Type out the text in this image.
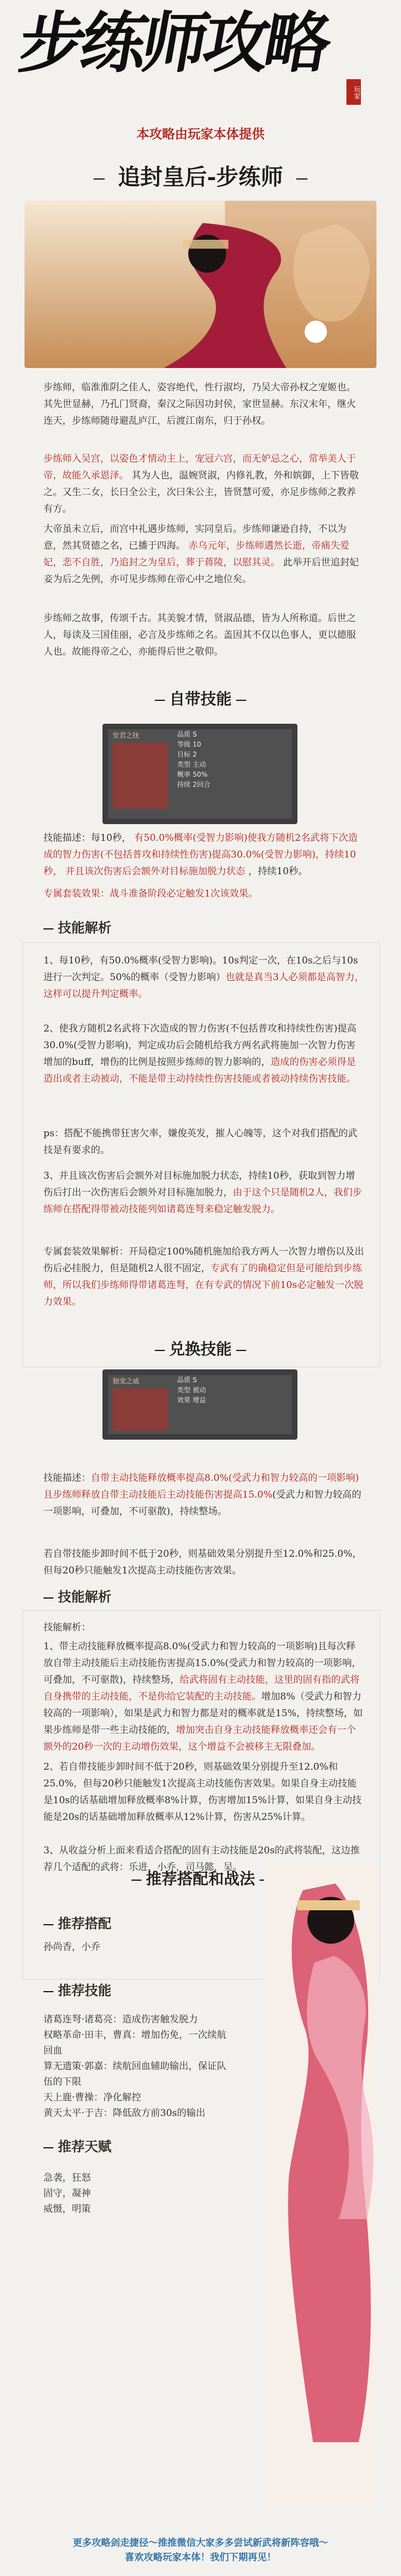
步练师攻略
玩家
本攻略由玩家本体提供
追封皇后-步练师
步练师，临淮淮阴之佳人，姿容绝代，性行淑均，乃吴大帝孙权之宠姬也。其先世显赫，乃孔门贤裔，秦汉之际因功封侯，家世显赫。东汉末年，继火连天，步练师随母避乱庐江，后渡江南东，归于孙权。
步练师入吴宫，以姿色才情动主上，宠冠六宫，而无妒忌之心，常举美人于帝，故能久承恩泽。 其为人也，温婉贤淑，内修礼教，外和嫔御，上下皆敬之。又生二女，长曰全公主，次曰朱公主，皆贤慧可爱，亦足步练师之教养有方。
大帝虽未立后，而宫中礼遇步练师，实同皇后。步练师谦逊自持，不以为意，然其贤德之名，已播于四海。 赤乌元年，步练师遘然长逝，帝痛失爱妃，悲不自胜，乃追封之为皇后，葬于蒋陵，以慰其灵。 此举开后世追封妃妾为后之先例，亦可见步练师在帝心中之地位矣。
步练师之故事，传颂千古。其美貌才情，贤淑品德，皆为人所称道。后世之人，每读及三国佳丽，必言及步练师之名。盖因其不仅以色事人，更以德服人也。故能得帝之心，亦能得后世之敬仰。
自带技能
安君之抚	品质 S
等级 10
目标 2
类型 主动
概率 50%
持续 2回合
技能描述：每10秒， 有50.0%概率(受智力影响)使我方随机2名武将下次造成的智力伤害(不包括普攻和持续性伤害)提高30.0%(受智力影响)，持续10秒， 并且该次伤害后会额外对目标施加脱力状态 ，持续10秒。
专属套装效果：战斗准备阶段必定触发1次该效果。
技能解析
1、每10秒，有50.0%概率(受智力影响)。10s判定一次，在10s之后与10s进行一次判定。50%的概率（受智力影响）也就是真当3人必须都是高智力，这样可以提升判定概率。
2、使我方随机2名武将下次造成的智力伤害(不包括普攻和持续性伤害)提高30.0%(受智力影响)，判定成功后会随机给我方两名武将施加一次智力伤害增加的buff，增伤的比例是按照步练师的智力影响的，造成的伤害必须得是造出或者主动被动，不能是带主动持续性伤害技能或者被动持续伤害技能。
ps：搭配不能携带狂害欠率，嫌俊英发，摧人心魄等，这个对我们搭配的武技是有要求的。
3、并且该次伤害后会额外对目标施加脱力状态，持续10秒，获取到智力增伤后打出一次伤害后会额外对目标施加脱力，由于这个只是随机2人，我们步练师在搭配得带被动技能列如诸葛连弩来稳定触发脱力。
专属套装效果解析：开局稳定100%随机施加给我方两人一次智力增伤以及出伤后必挂脱力，但是随机2人很不固定，专武有了的确稳定但是可能给到步练师，所以我们步练师得带诸葛连弩，在有专武的情况下前10s必定触发一次脱力效果。
兑换技能
独宠之威	品质 S
类型 被动
效果 增益
技能描述：自带主动技能释放概率提高8.0%(受武力和智力较高的一项影响)且步练师释放自带主动技能后主动技能伤害提高15.0%(受武力和智力较高的一项影响，可叠加，不可驱散)，持续整场。
若自带技能步卸时间不低于20秒，则基础效果分别提升至12.0%和25.0%，但每20秒只能触发1次提高主动技能伤害效果。
技能解析
技能解析：
1、带主动技能释放概率提高8.0%(受武力和智力较高的一项影响)且每次释放自带主动技能后主动技能伤害提高15.0%(受武力和智力较高的一项影响，可叠加，不可驱散)，持续整场，给武将固有主动技能，这里的固有指的武将自身携带的主动技能，不是你给它装配的主动技能。增加8%（受武力和智力较高的一项影响），如果是武力和智力都是对的概率就是15%，持续整场，如果步练师是带一些主动技能的，增加突击自身主动技能释放概率还会有一个额外的20秒一次的主动增伤效果，这个增益不会被移主无限叠加。
2、若自带技能步卸时间不低于20秒，则基础效果分别提升至12.0%和25.0%，但每20秒只能触发1次提高主动技能伤害效果。如果自身主动技能是10s的话基础增加释放概率8%计算，伤害增加15%计算，如果自身主动技能是20s的话基础增加释放概率从12%计算，伤害从25%计算。
3、从收益分析上面来看适合搭配的固有主动技能是20s的武将装配，这边推荐几个适配的武将：乐进，小乔，司马懿，吴。
推荐搭配和战法
推荐搭配
孙尚香，小乔
推荐技能
诸葛连弩·诸葛亮：造成伤害触发脱力
权略革命·田丰，曹真：增加伤免，一次续航回血
算无遗策·郭嘉：续航回血辅助输出，保证队伍的下限
天上鹿·曹操：净化解控
黄天太平·于吉：降低敌方前30s的输出
推荐天赋
急袭，狂怒
固守，凝神
威慑，明策
更多攻略剑走捷径～推推微信大家多多尝试新武将新阵容哦～
喜欢攻略玩家本体！我们下期再见！
